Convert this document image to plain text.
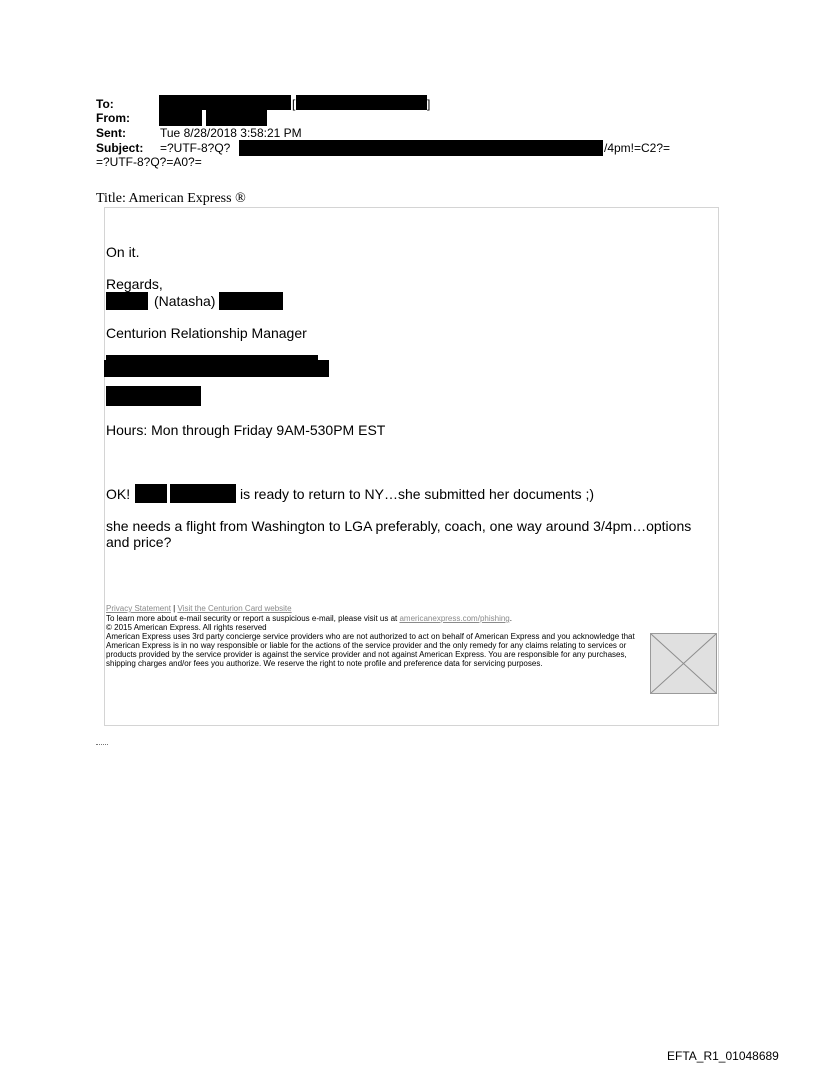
To:	[	]
From:
Sent:	Tue 8/28/2018 3:58:21 PM
Subject: =?UTF-8?Q?	/4pm!=C2?=
=?UTF-8?Q?=A0?=
Title: American Express ®
On it.
Regards,
(Natasha)
Centurion Relationship Manager
Hours: Mon through Friday 9AM-530PM EST
OK!	is ready to return to NY…she submitted her documents ;)
she needs a flight from Washington to LGA preferably, coach, one way around 3/4pm…options and price?
Privacy Statement | Visit the Centurion Card website
To learn more about e-mail security or report a suspicious e-mail, please visit us at americanexpress.com/phishing.
© 2015 American Express. All rights reserved
American Express uses 3rd party concierge service providers who are not authorized to act on behalf of American Express and you acknowledge that American Express is in no way responsible or liable for the actions of the service provider and the only remedy for any claims relating to services or products provided by the service provider is against the service provider and not against American Express. You are responsible for any purchases, shipping charges and/or fees you authorize. We reserve the right to note profile and preference data for servicing purposes.
EFTA_R1_01048689
